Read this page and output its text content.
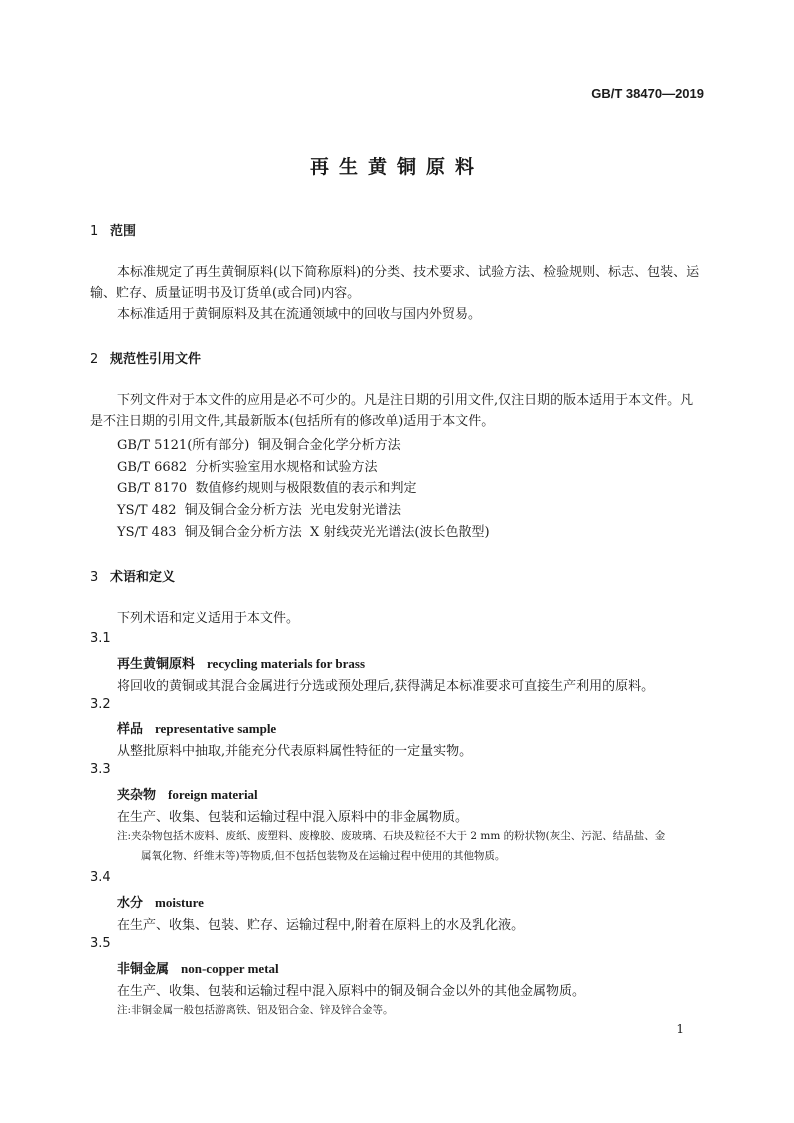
GB/T 38470—2019
再生黄铜原料
1 范围
本标准规定了再生黄铜原料(以下简称原料)的分类、技术要求、试验方法、检验规则、标志、包装、运输、贮存、质量证明书及订货单(或合同)内容。
本标准适用于黄铜原料及其在流通领域中的回收与国内外贸易。
2 规范性引用文件
下列文件对于本文件的应用是必不可少的。凡是注日期的引用文件,仅注日期的版本适用于本文件。凡是不注日期的引用文件,其最新版本(包括所有的修改单)适用于本文件。
GB/T 5121(所有部分)  铜及铜合金化学分析方法
GB/T 6682  分析实验室用水规格和试验方法
GB/T 8170  数值修约规则与极限数值的表示和判定
YS/T 482  铜及铜合金分析方法  光电发射光谱法
YS/T 483  铜及铜合金分析方法  X 射线荧光光谱法(波长色散型)
3 术语和定义
下列术语和定义适用于本文件。
3.1
再生黄铜原料 recycling materials for brass
将回收的黄铜或其混合金属进行分选或预处理后,获得满足本标准要求可直接生产利用的原料。
3.2
样品 representative sample
从整批原料中抽取,并能充分代表原料属性特征的一定量实物。
3.3
夹杂物 foreign material
在生产、收集、包装和运输过程中混入原料中的非金属物质。
注:夹杂物包括木废料、废纸、废塑料、废橡胶、废玻璃、石块及粒径不大于 2 mm 的粉状物(灰尘、污泥、结晶盐、金
属氧化物、纤维末等)等物质,但不包括包装物及在运输过程中使用的其他物质。
3.4
水分 moisture
在生产、收集、包装、贮存、运输过程中,附着在原料上的水及乳化液。
3.5
非铜金属 non-copper metal
在生产、收集、包装和运输过程中混入原料中的铜及铜合金以外的其他金属物质。
注:非铜金属一般包括游离铁、铝及铝合金、锌及锌合金等。
1
